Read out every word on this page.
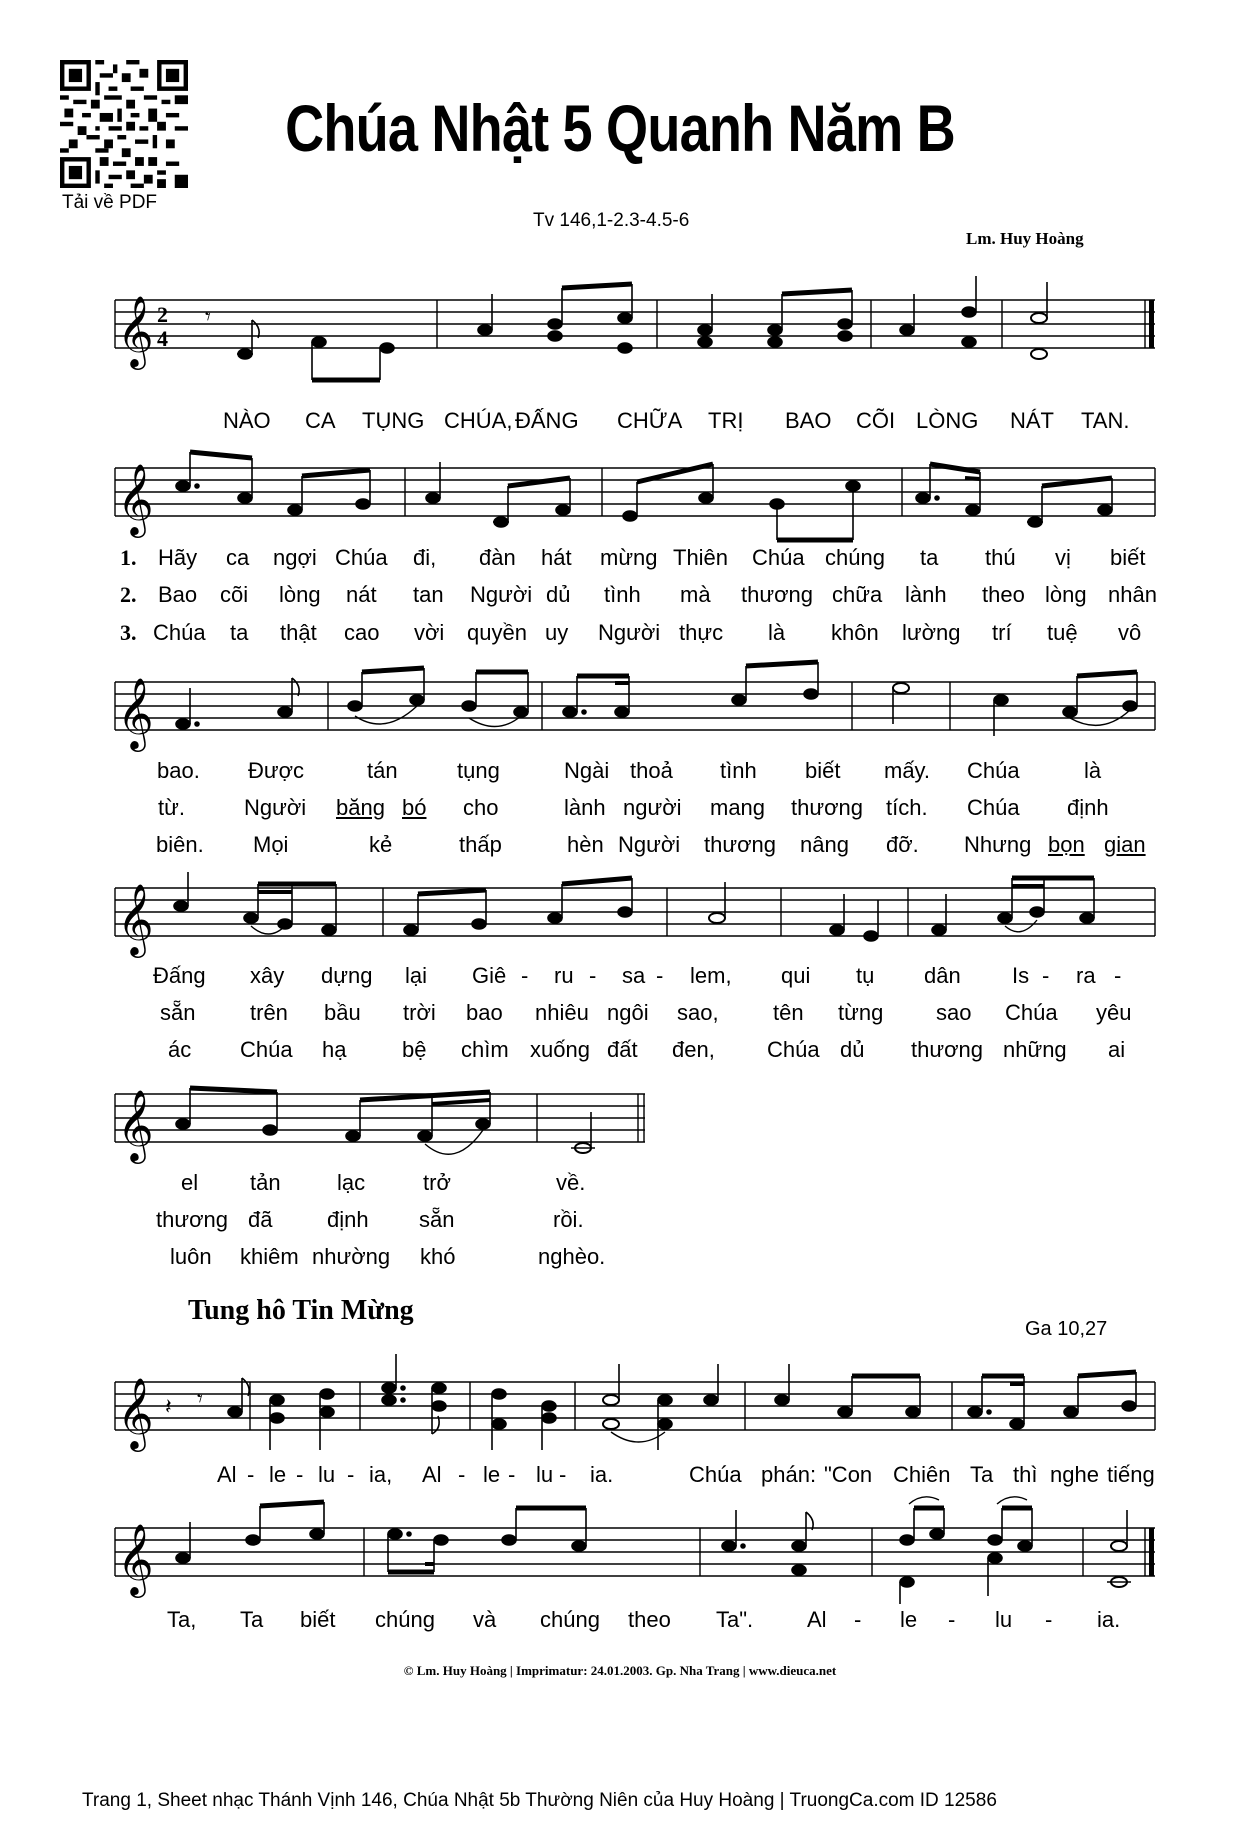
Tải về PDF
Chúa Nhật 5 Quanh Năm B
Tv 146,1-2.3-4.5-6
Lm. Huy Hoàng
𝄞 2
4
𝄾
NÀO CA TỤNG CHÚA, ĐẤNG CHỮA TRỊ BAO CÕI LÒNG NÁT TAN.
𝄞
1. Hãy ca ngợi Chúa đi, đàn hát mừng Thiên Chúa chúng ta thú vị biết
2. Bao cõi lòng nát tan Người dủ tình mà thương chữa lành theo lòng nhân
3. Chúa ta thật cao vời quyền uy Người thực là khôn lường trí tuệ vô
𝄞
bao. Được	tán	tụng	Ngài thoả tình biết mấy. Chúa	là
từ.	Người băng bó cho	lành người mang thương tích. Chúa định
biên. Mọi	kẻ	thấp	hèn Người thương nâng đỡ. Nhưng bọn gian
𝄞
Đấng xây dựng lại Giê - ru - sa - lem, qui tụ dân Is - ra -
sẵn trên bầu trời bao nhiêu ngôi sao, tên từng sao Chúa yêu
ác Chúa hạ	bệ chìm xuống đất đen, Chúa dủ thương những ai
𝄞
el tản	lạc	trở	về.
thương đã định sẵn	rồi.
luôn khiêm nhường khó	nghèo.
Tung hô Tin Mừng
Ga 10,27
𝄞 𝄽 𝄾
Al - le - lu - ia, Al - le - lu - ia.	Chúa phán: "Con Chiên Ta thì nghe tiếng
𝄞
Ta, Ta biết chúng và chúng theo Ta". Al - le - lu - ia.
© Lm. Huy Hoàng | Imprimatur: 24.01.2003. Gp. Nha Trang | www.dieuca.net
Trang 1, Sheet nhạc Thánh Vịnh 146, Chúa Nhật 5b Thường Niên của Huy Hoàng | TruongCa.com ID 12586
